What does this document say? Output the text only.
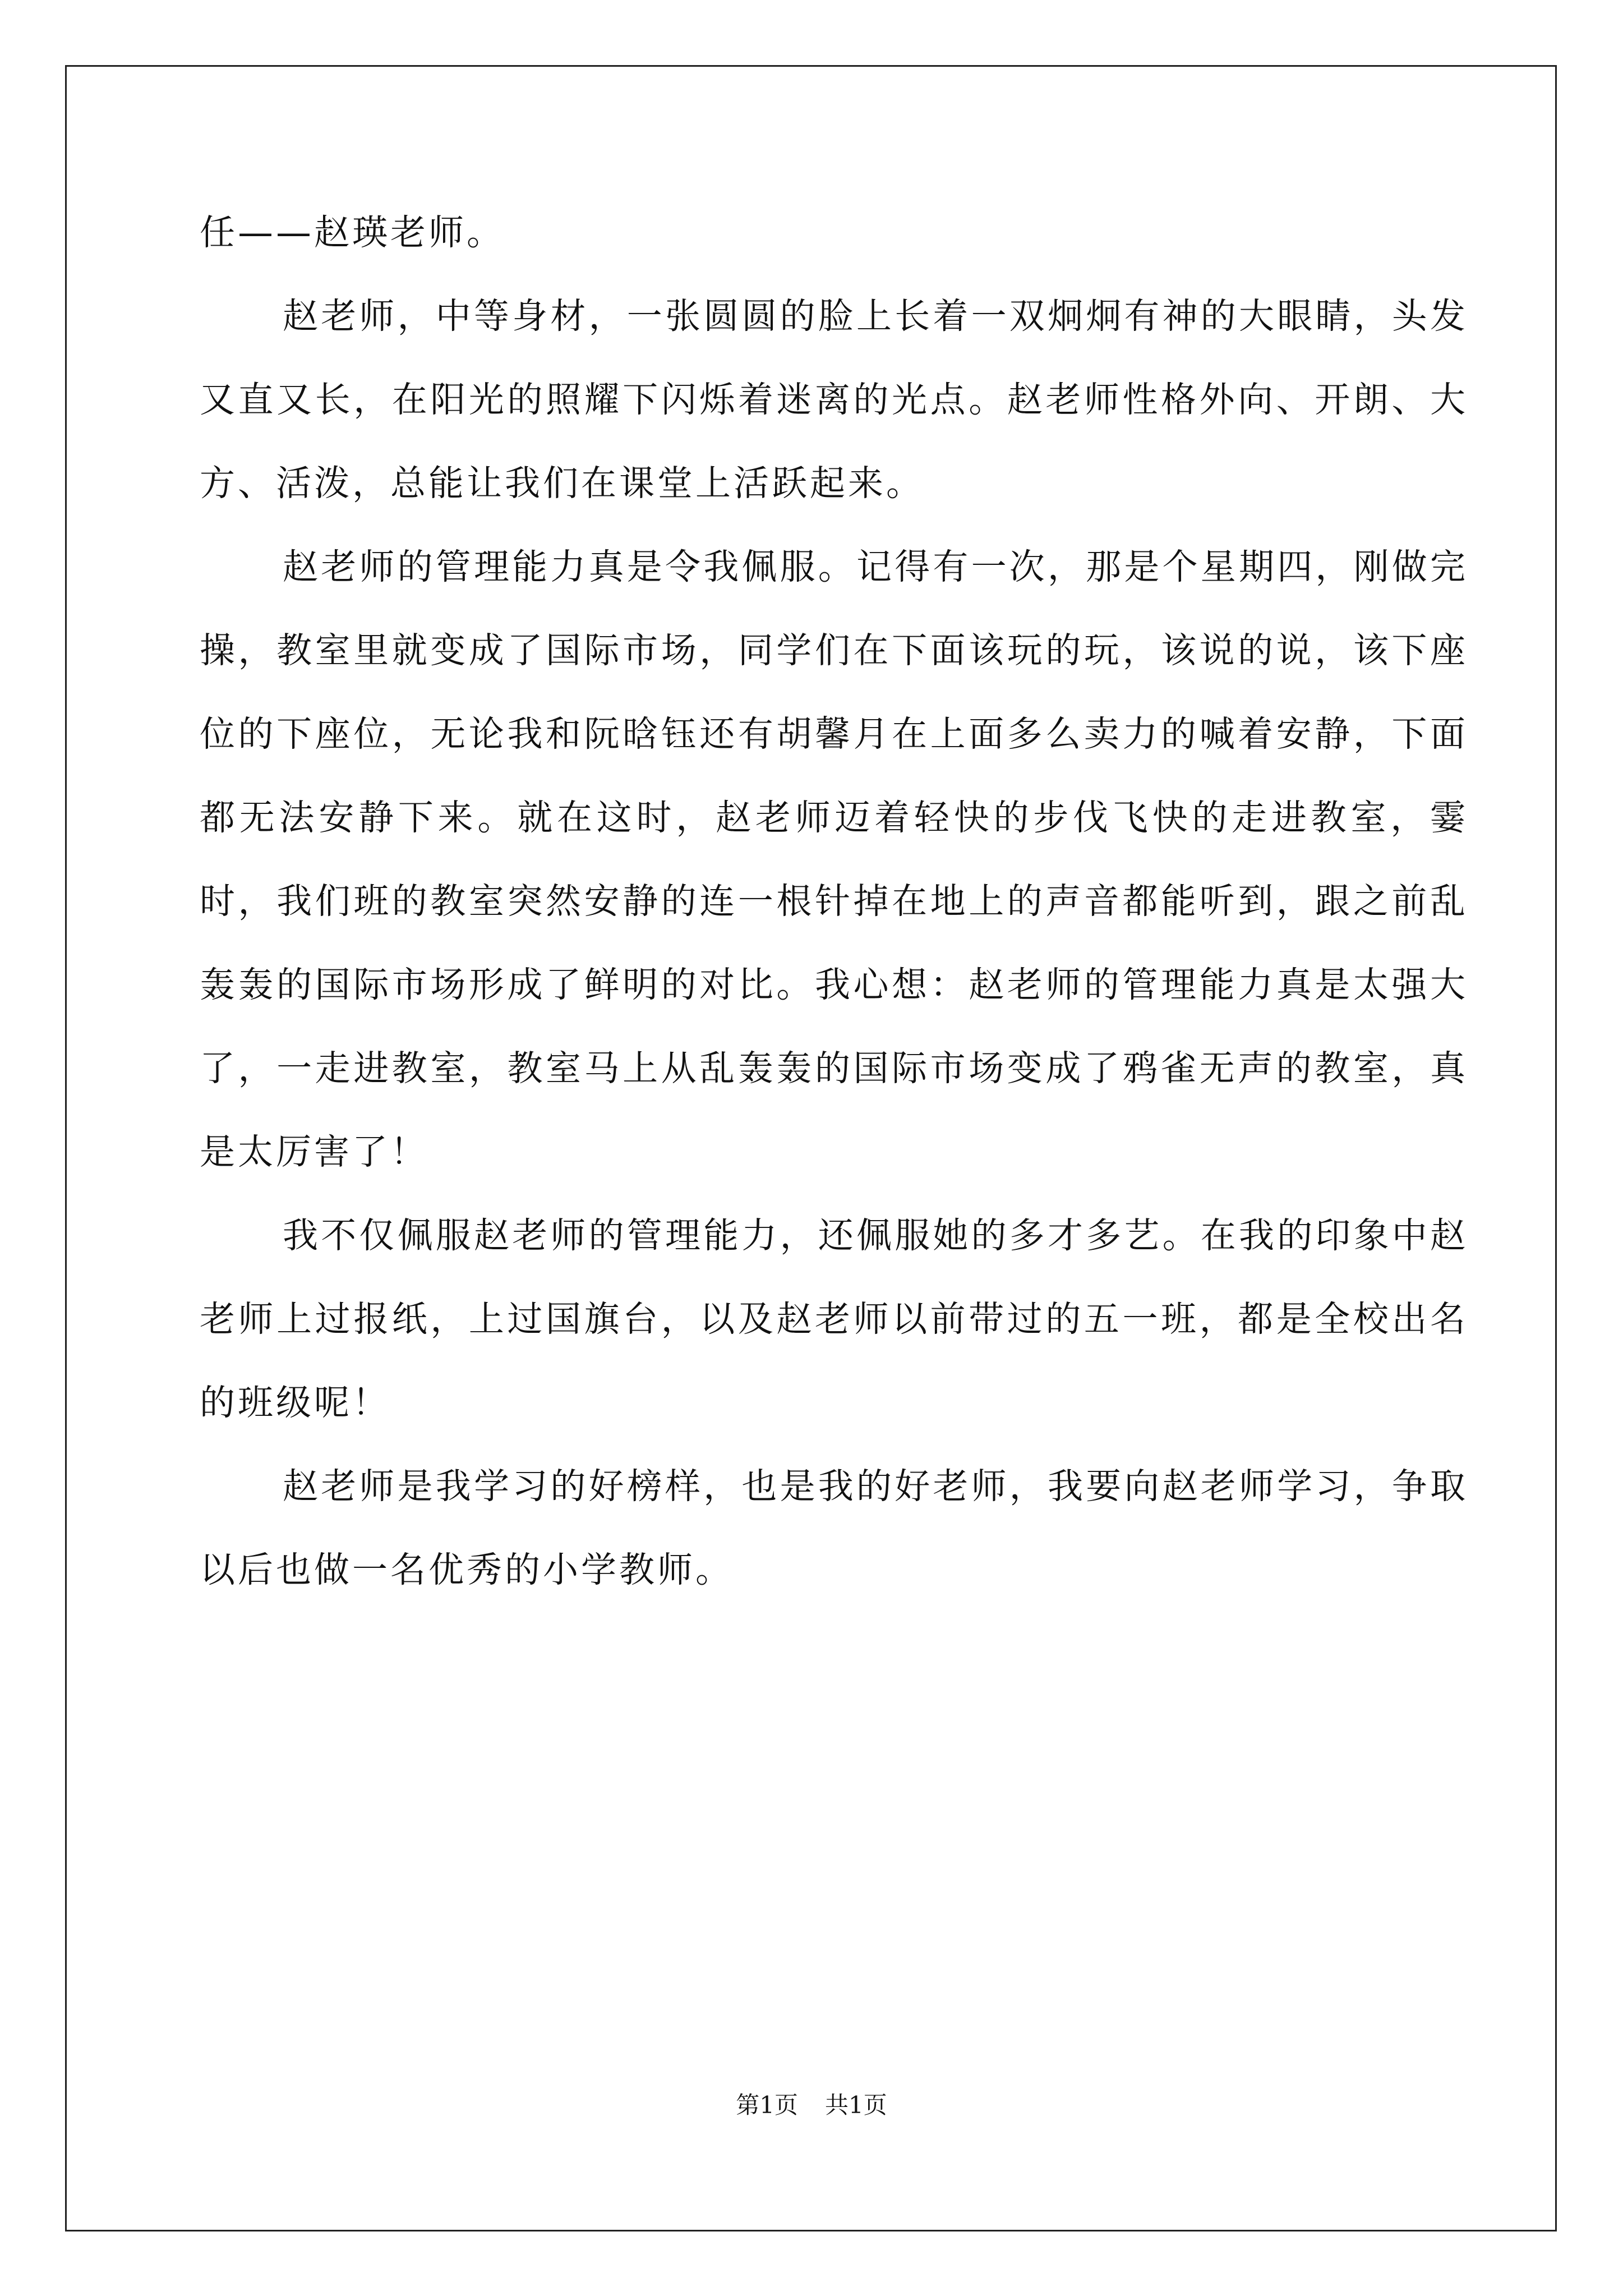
任——赵瑛老师。

赵老师，中等身材，一张圆圆的脸上长着一双炯炯有神的大眼睛，头发又直又长，在阳光的照耀下闪烁着迷离的光点。赵老师性格外向、开朗、大方、活泼，总能让我们在课堂上活跃起来。

赵老师的管理能力真是令我佩服。记得有一次，那是个星期四，刚做完操，教室里就变成了国际市场，同学们在下面该玩的玩，该说的说，该下座位的下座位，无论我和阮晗钰还有胡馨月在上面多么卖力的喊着安静，下面都无法安静下来。就在这时，赵老师迈着轻快的步伐飞快的走进教室，霎时，我们班的教室突然安静的连一根针掉在地上的声音都能听到，跟之前乱轰轰的国际市场形成了鲜明的对比。我心想：赵老师的管理能力真是太强大了，一走进教室，教室马上从乱轰轰的国际市场变成了鸦雀无声的教室，真是太厉害了！

我不仅佩服赵老师的管理能力，还佩服她的多才多艺。在我的印象中赵老师上过报纸，上过国旗台，以及赵老师以前带过的五一班，都是全校出名的班级呢！

赵老师是我学习的好榜样，也是我的好老师，我要向赵老师学习，争取以后也做一名优秀的小学教师。

第1页 共1页
